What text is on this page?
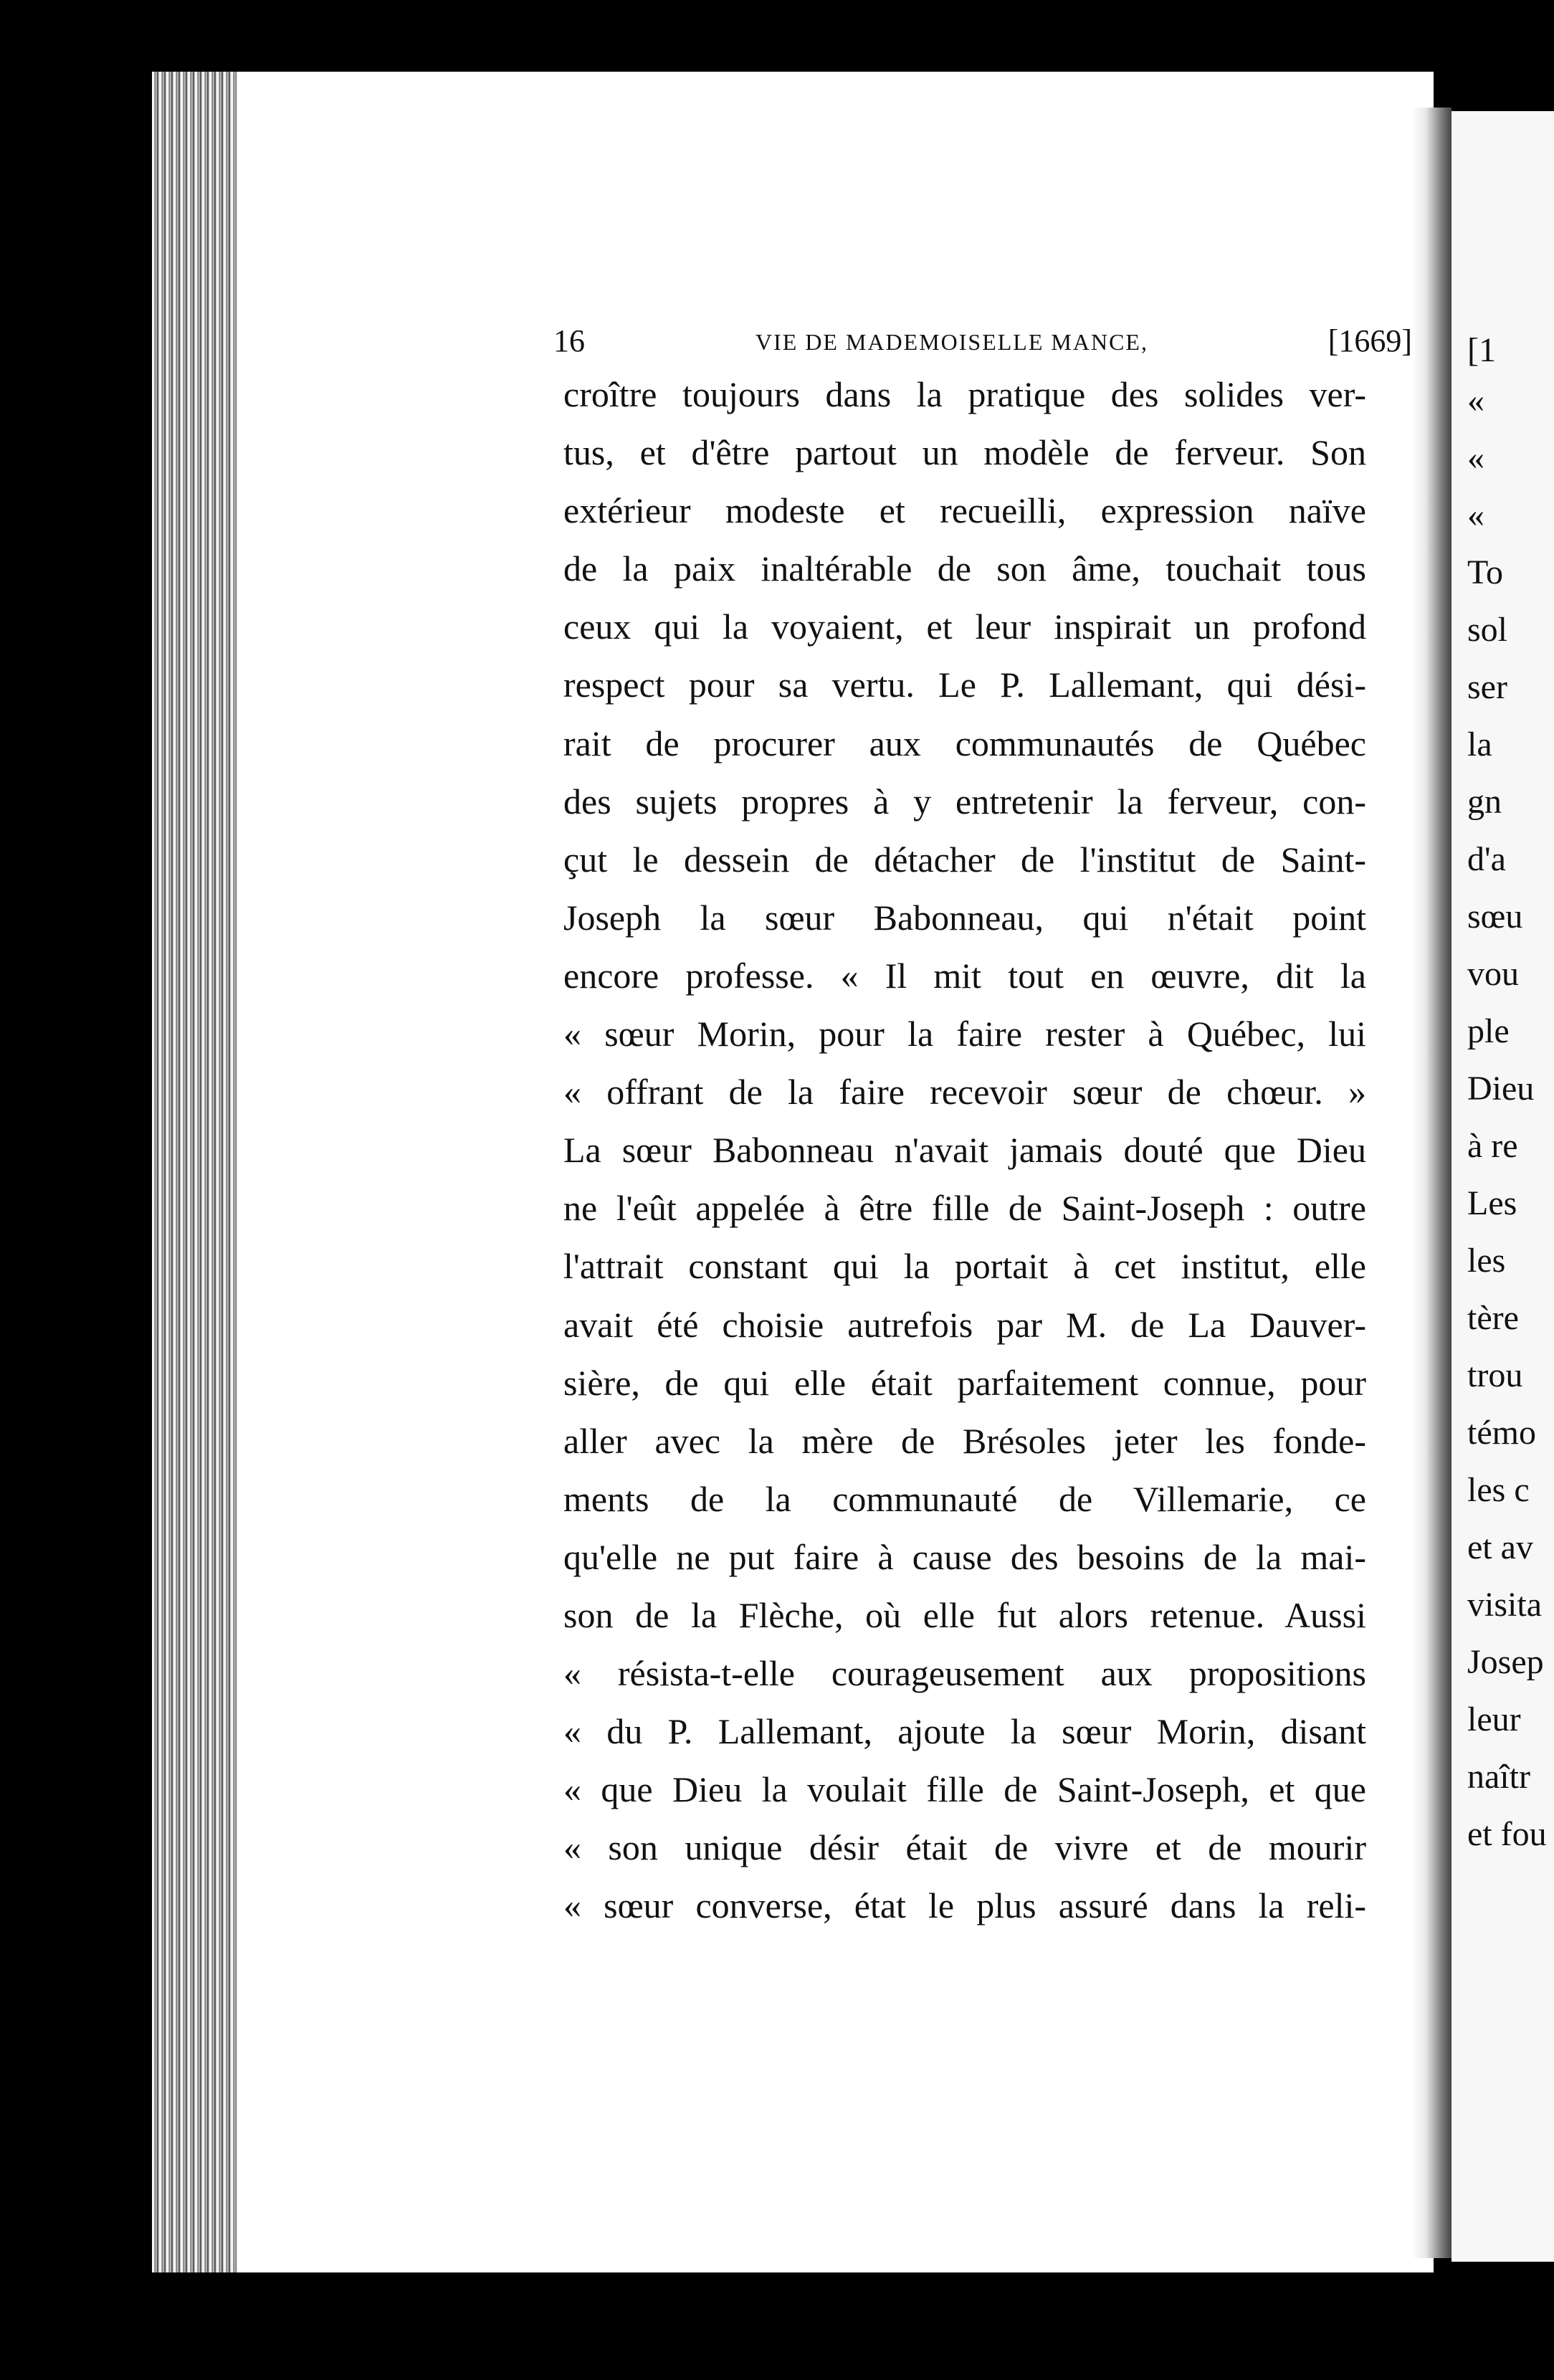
[1
«
«
«
To
sol
ser
la
gn
d'a
sœu
vou
ple
Dieu
à re
Les
les
tère
trou
témo
les c
et av
visita
Josep
leur
naîtr
et fou
16	VIE DE MADEMOISELLE MANCE,	[1669]
croître toujours dans la pratique des solides ver-
tus, et d'être partout un modèle de ferveur. Son
extérieur modeste et recueilli, expression naïve
de la paix inaltérable de son âme, touchait tous
ceux qui la voyaient, et leur inspirait un profond
respect pour sa vertu. Le P. Lallemant, qui dési-
rait de procurer aux communautés de Québec
des sujets propres à y entretenir la ferveur, con-
çut le dessein de détacher de l'institut de Saint-
Joseph la sœur Babonneau, qui n'était point
encore professe. « Il mit tout en œuvre, dit la
« sœur Morin, pour la faire rester à Québec, lui
« offrant de la faire recevoir sœur de chœur. »
La sœur Babonneau n'avait jamais douté que Dieu
ne l'eût appelée à être fille de Saint-Joseph : outre
l'attrait constant qui la portait à cet institut, elle
avait été choisie autrefois par M. de La Dauver-
sière, de qui elle était parfaitement connue, pour
aller avec la mère de Brésoles jeter les fonde-
ments de la communauté de Villemarie, ce
qu'elle ne put faire à cause des besoins de la mai-
son de la Flèche, où elle fut alors retenue. Aussi
« résista-t-elle courageusement aux propositions
« du P. Lallemant, ajoute la sœur Morin, disant
« que Dieu la voulait fille de Saint-Joseph, et que
« son unique désir était de vivre et de mourir
« sœur converse, état le plus assuré dans la reli-
